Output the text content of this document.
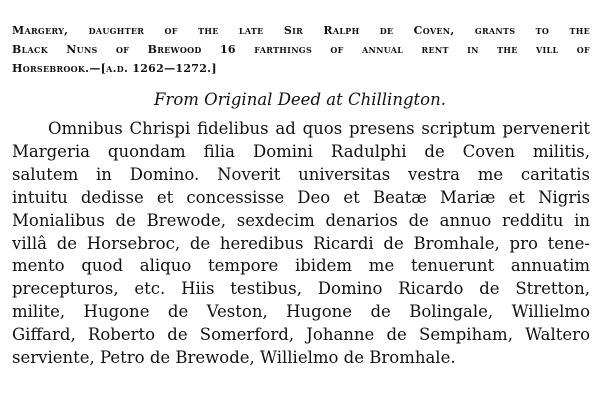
Margery, daughter of the late Sir Ralph de Coven, grants to the
Black Nuns of Brewood 16 farthings of annual rent in the vill of
Horsebrook.—[a.d. 1262—1272.]
From Original Deed at Chillington.
Omnibus Chrispi fidelibus ad quos presens scriptum pervenerit
Margeria quondam filia Domini Radulphi de Coven militis,
salutem in Domino. Noverit universitas vestra me caritatis
intuitu dedisse et concessisse Deo et Beatæ Mariæ et Nigris
Monialibus de Brewode, sexdecim denarios de annuo redditu in
villâ de Horsebroc, de heredibus Ricardi de Bromhale, pro tene-
mento quod aliquo tempore ibidem me tenuerunt annuatim
precepturos, etc. Hiis testibus, Domino Ricardo de Stretton,
milite, Hugone de Veston, Hugone de Bolingale, Willielmo
Giffard, Roberto de Somerford, Johanne de Sempiham, Waltero
serviente, Petro de Brewode, Willielmo de Bromhale.
